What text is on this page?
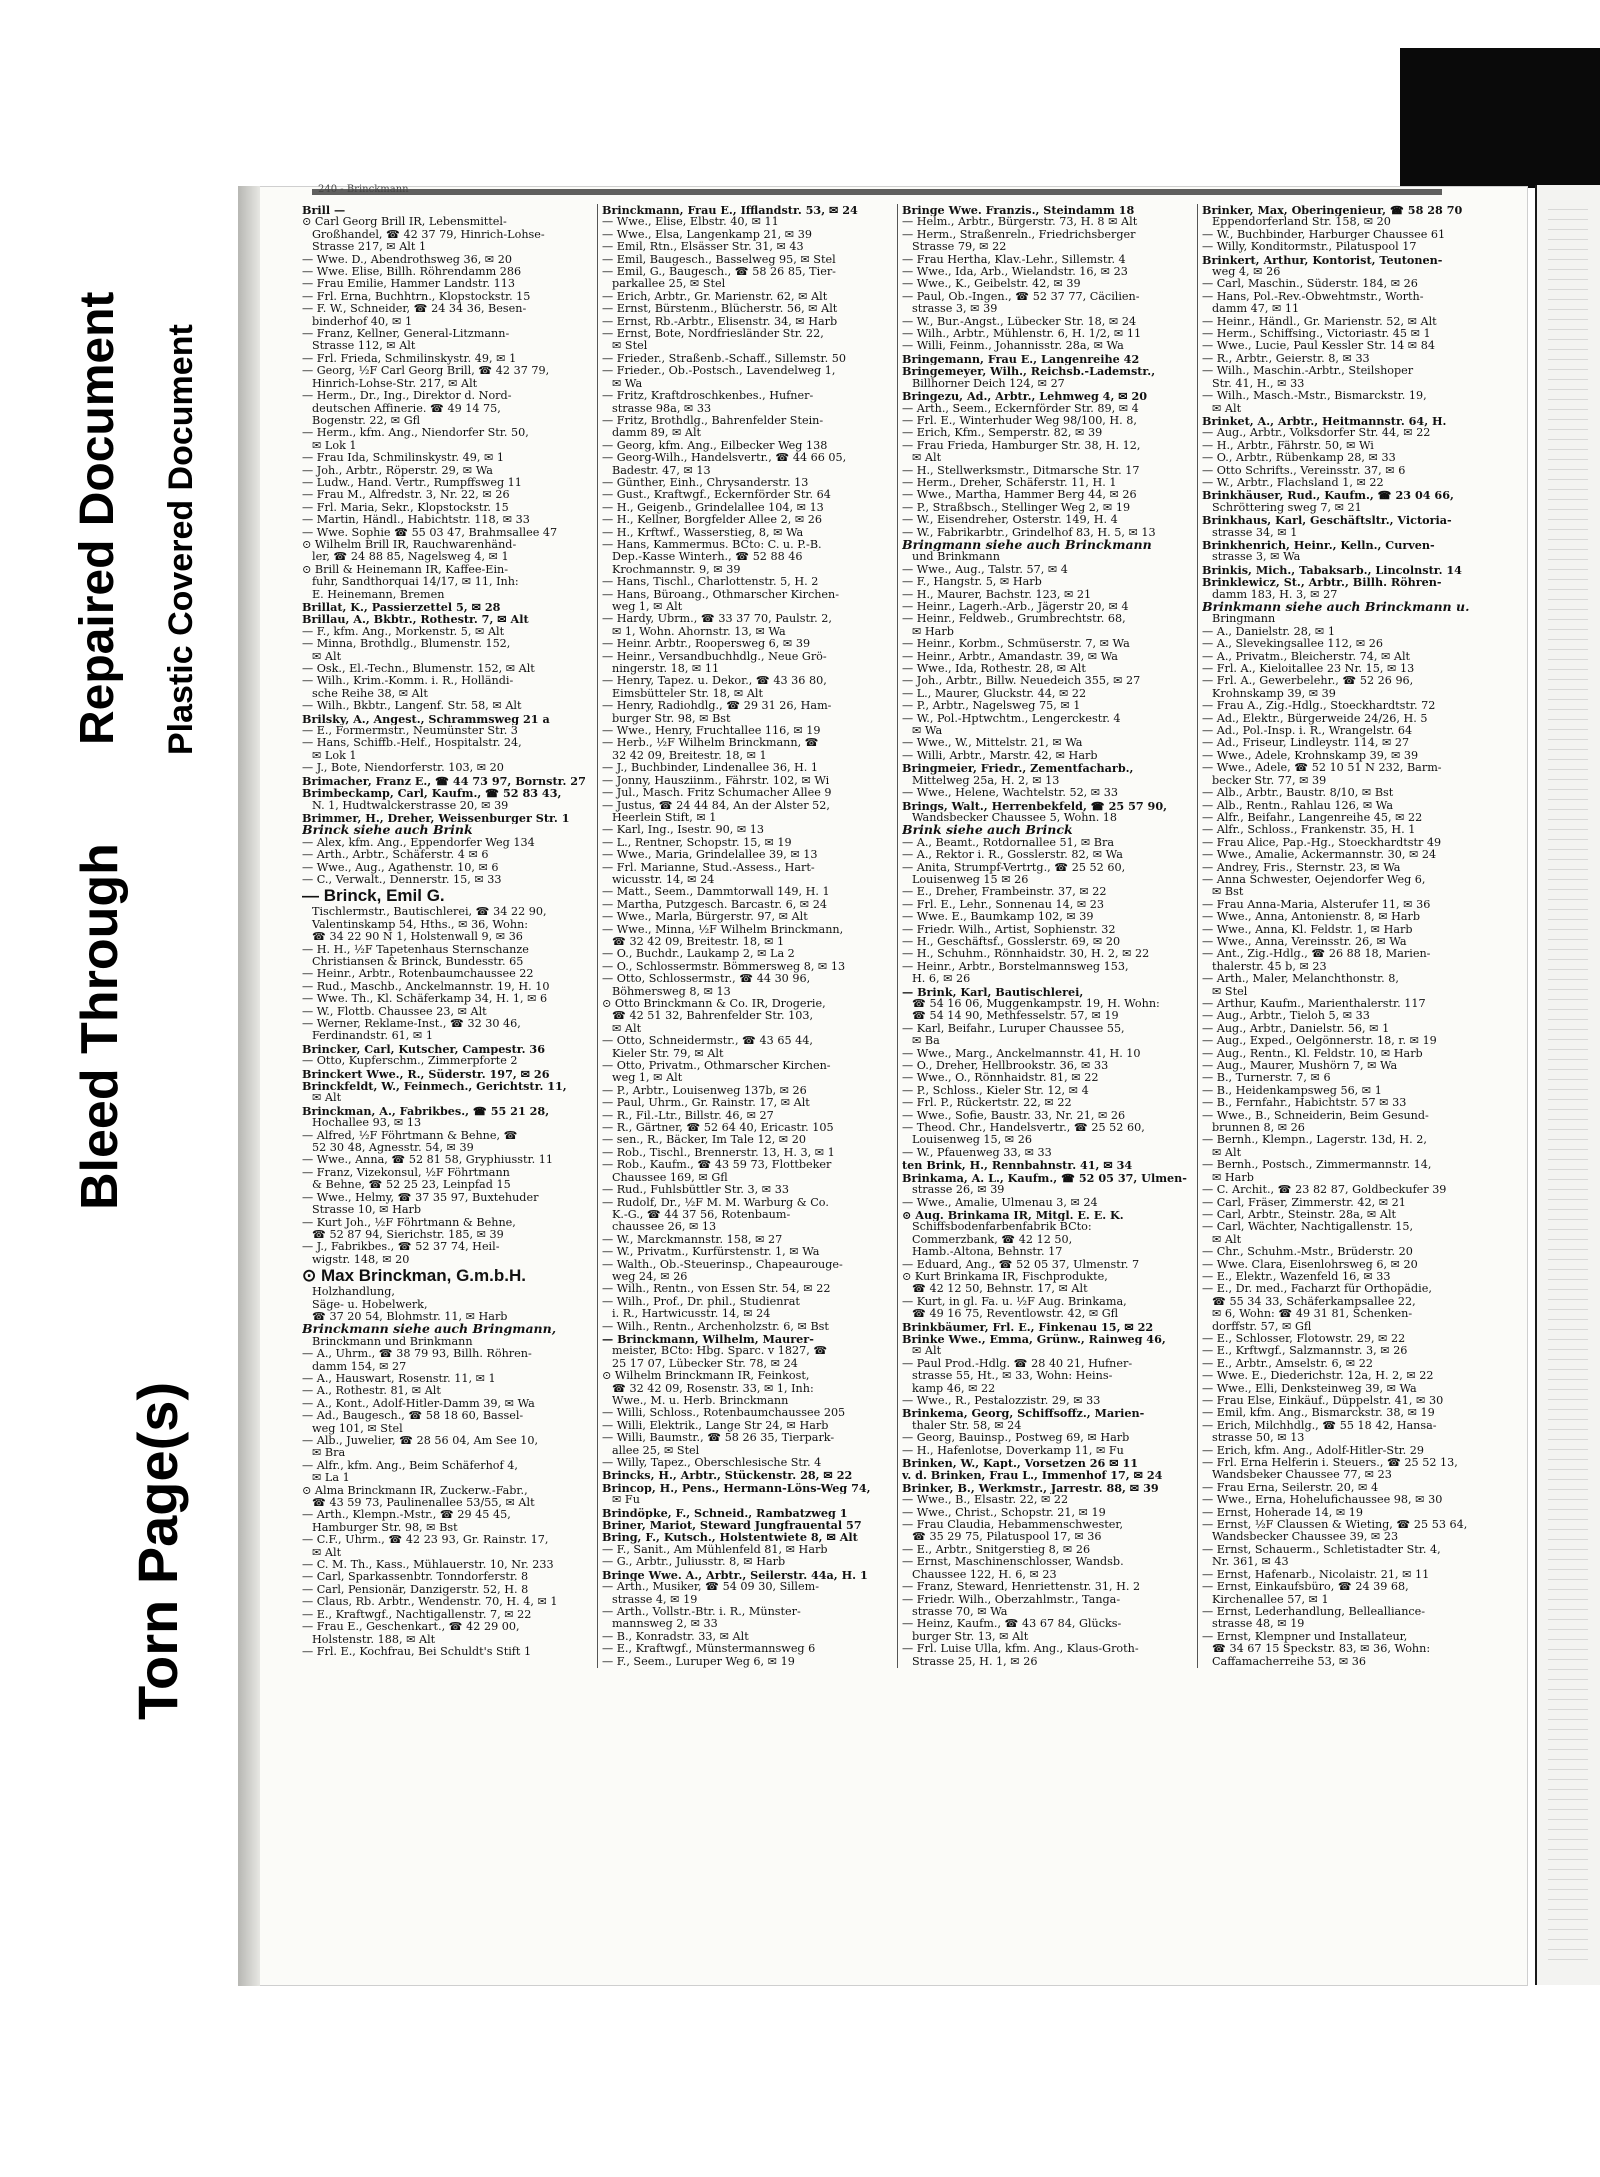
Torn Page(s)
Bleed Through
Repaired Document Plastic Covered Document
240 - Brinckmann
Brill —
⊙ Carl Georg Brill IR, Lebensmittel-
Großhandel, ☎ 42 37 79, Hinrich-Lohse-
Strasse 217, ✉ Alt 1
— Wwe. D., Abendrothsweg 36, ✉ 20
— Wwe. Elise, Billh. Röhrendamm 286
— Frau Emilie, Hammer Landstr. 113
— Frl. Erna, Buchhtrn., Klopstockstr. 15
— F. W., Schneider, ☎ 24 34 36, Besen-
binderhof 40, ✉ 1
— Franz, Kellner, General-Litzmann-
Strasse 112, ✉ Alt
— Frl. Frieda, Schmilinskystr. 49, ✉ 1
— Georg, ½F Carl Georg Brill, ☎ 42 37 79,
Hinrich-Lohse-Str. 217, ✉ Alt
— Herm., Dr., Ing., Direktor d. Nord-
deutschen Affinerie. ☎ 49 14 75,
Bogenstr. 22, ✉ Gfl
— Herm., kfm. Ang., Niendorfer Str. 50,
✉ Lok 1
— Frau Ida, Schmilinskystr. 49, ✉ 1
— Joh., Arbtr., Röperstr. 29, ✉ Wa
— Ludw., Hand. Vertr., Rumpffsweg 11
— Frau M., Alfredstr. 3, Nr. 22, ✉ 26
— Frl. Maria, Sekr., Klopstockstr. 15
— Martin, Händl., Habichtstr. 118, ✉ 33
— Wwe. Sophie ☎ 55 03 47, Brahmsallee 47
⊙ Wilhelm Brill IR, Rauchwarenhänd-
ler, ☎ 24 88 85, Nagelsweg 4, ✉ 1
⊙ Brill & Heinemann IR, Kaffee-Ein-
fuhr, Sandthorquai 14/17, ✉ 11, Inh:
E. Heinemann, Bremen
Brillat, K., Passierzettel 5, ✉ 28
Brillau, A., Bkbtr., Rothestr. 7, ✉ Alt
— F., kfm. Ang., Morkenstr. 5, ✉ Alt
— Minna, Brothdlg., Blumenstr. 152,
✉ Alt
— Osk., El.-Techn., Blumenstr. 152, ✉ Alt
— Wilh., Krim.-Komm. i. R., Holländi-
sche Reihe 38, ✉ Alt
— Wilh., Bkbtr., Langenf. Str. 58, ✉ Alt
Brilsky, A., Angest., Schrammsweg 21 a
— E., Formermstr., Neumünster Str. 3
— Hans, Schiffb.-Helf., Hospitalstr. 24,
✉ Lok 1
— J., Bote, Niendorferstr. 103, ✉ 20
Brimacher, Franz E., ☎ 44 73 97, Bornstr. 27
Brimbeckamp, Carl, Kaufm., ☎ 52 83 43,
N. 1, Hudtwalckerstrasse 20, ✉ 39
Brimmer, H., Dreher, Weissenburger Str. 1
Brinck siehe auch Brink
— Alex, kfm. Ang., Eppendorfer Weg 134
— Arth., Arbtr., Schäferstr. 4 ✉ 6
— Wwe., Aug., Agathenstr. 10, ✉ 6
— C., Verwalt., Dennerstr. 15, ✉ 33
— Brinck, Emil G.
Tischlermstr., Bautischlerei, ☎ 34 22 90,
Valentinskamp 54, Hths., ✉ 36, Wohn:
☎ 34 22 90 N 1, Holstenwall 9, ✉ 36
— H. H., ½F Tapetenhaus Sternschanze
Christiansen & Brinck, Bundesstr. 65
— Heinr., Arbtr., Rotenbaumchaussee 22
— Rud., Maschb., Anckelmannstr. 19, H. 10
— Wwe. Th., Kl. Schäferkamp 34, H. 1, ✉ 6
— W., Flottb. Chaussee 23, ✉ Alt
— Werner, Reklame-Inst., ☎ 32 30 46,
Ferdinandstr. 61, ✉ 1
Brincker, Carl, Kutscher, Campestr. 36
— Otto, Kupferschm., Zimmerpforte 2
Brinckert Wwe., R., Süderstr. 197, ✉ 26
Brinckfeldt, W., Feinmech., Gerichtstr. 11,
✉ Alt
Brinckman, A., Fabrikbes., ☎ 55 21 28,
Hochallee 93, ✉ 13
— Alfred, ½F Föhrtmann & Behne, ☎
52 30 48, Agnesstr. 54, ✉ 39
— Wwe., Anna, ☎ 52 81 58, Gryphiusstr. 11
— Franz, Vizekonsul, ½F Föhrtmann
& Behne, ☎ 52 25 23, Leinpfad 15
— Wwe., Helmy, ☎ 37 35 97, Buxtehuder
Strasse 10, ✉ Harb
— Kurt Joh., ½F Föhrtmann & Behne,
☎ 52 87 94, Sierichstr. 185, ✉ 39
— J., Fabrikbes., ☎ 52 37 74, Heil-
wigstr. 148, ✉ 20
⊙ Max Brinckman, G.m.b.H.
Holzhandlung,
Säge- u. Hobelwerk,
☎ 37 20 54, Blohmstr. 11, ✉ Harb
Brinckmann siehe auch Bringmann,
Brinckmann und Brinkmann
— A., Uhrm., ☎ 38 79 93, Billh. Röhren-
damm 154, ✉ 27
— A., Hauswart, Rosenstr. 11, ✉ 1
— A., Rothestr. 81, ✉ Alt
— A., Kont., Adolf-Hitler-Damm 39, ✉ Wa
— Ad., Baugesch., ☎ 58 18 60, Bassel-
weg 101, ✉ Stel
— Alb., Juwelier, ☎ 28 56 04, Am See 10,
✉ Bra
— Alfr., kfm. Ang., Beim Schäferhof 4,
✉ La 1
⊙ Alma Brinckmann IR, Zuckerw.-Fabr.,
☎ 43 59 73, Paulinenallee 53/55, ✉ Alt
— Arth., Klempn.-Mstr., ☎ 29 45 45,
Hamburger Str. 98, ✉ Bst
— C.F., Uhrm., ☎ 42 23 93, Gr. Rainstr. 17,
✉ Alt
— C. M. Th., Kass., Mühlauerstr. 10, Nr. 233
— Carl, Sparkassenbtr. Tonndorferstr. 8
— Carl, Pensionär, Danzigerstr. 52, H. 8
— Claus, Rb. Arbtr., Wendenstr. 70, H. 4, ✉ 1
— E., Kraftwgf., Nachtigallenstr. 7, ✉ 22
— Frau E., Geschenkart., ☎ 42 29 00,
Holstenstr. 188, ✉ Alt
— Frl. E., Kochfrau, Bei Schuldt's Stift 1
Brinckmann, Frau E., Ifflandstr. 53, ✉ 24
— Wwe., Elise, Elbstr. 40, ✉ 11
— Wwe., Elsa, Langenkamp 21, ✉ 39
— Emil, Rtn., Elsässer Str. 31, ✉ 43
— Emil, Baugesch., Basselweg 95, ✉ Stel
— Emil, G., Baugesch., ☎ 58 26 85, Tier-
parkallee 25, ✉ Stel
— Erich, Arbtr., Gr. Marienstr. 62, ✉ Alt
— Ernst, Bürstenm., Blücherstr. 56, ✉ Alt
— Ernst, Rb.-Arbtr., Elisenstr. 34, ✉ Harb
— Ernst, Bote, Nordfriesländer Str. 22,
✉ Stel
— Frieder., Straßenb.-Schaff., Sillemstr. 50
— Frieder., Ob.-Postsch., Lavendelweg 1,
✉ Wa
— Fritz, Kraftdroschkenbes., Hufner-
strasse 98a, ✉ 33
— Fritz, Brothdlg., Bahrenfelder Stein-
damm 89, ✉ Alt
— Georg, kfm. Ang., Eilbecker Weg 138
— Georg-Wilh., Handelsvertr., ☎ 44 66 05,
Badestr. 47, ✉ 13
— Günther, Einh., Chrysanderstr. 13
— Gust., Kraftwgf., Eckernförder Str. 64
— H., Geigenb., Grindelallee 104, ✉ 13
— H., Kellner, Borgfelder Allee 2, ✉ 26
— H., Krftwf., Wasserstieg, 8, ✉ Wa
— Hans, Kammermus. BCto: C. u. P.-B.
Dep.-Kasse Winterh., ☎ 52 88 46
Krochmannstr. 9, ✉ 39
— Hans, Tischl., Charlottenstr. 5, H. 2
— Hans, Büroang., Othmarscher Kirchen-
weg 1, ✉ Alt
— Hardy, Ubrm., ☎ 33 37 70, Paulstr. 2,
✉ 1, Wohn. Ahornstr. 13, ✉ Wa
— Heinr. Arbtr., Roopersweg 6, ✉ 39
— Heinr., Versandbuchhdlg., Neue Grö-
ningerstr. 18, ✉ 11
— Henry, Tapez. u. Dekor., ☎ 43 36 80,
Eimsbütteler Str. 18, ✉ Alt
— Henry, Radiohdlg., ☎ 29 31 26, Ham-
burger Str. 98, ✉ Bst
— Wwe., Henry, Fruchtallee 116, ✉ 19
— Herb., ½F Wilhelm Brinckmann, ☎
32 42 09, Breitestr. 18, ✉ 1
— J., Buchbinder, Lindenallee 36, H. 1
— Jonny, Hausziinm., Fährstr. 102, ✉ Wi
— Jul., Masch. Fritz Schumacher Allee 9
— Justus, ☎ 24 44 84, An der Alster 52,
Heerlein Stift, ✉ 1
— Karl, Ing., Isestr. 90, ✉ 13
— L., Rentner, Schopstr. 15, ✉ 19
— Wwe., Maria, Grindelallee 39, ✉ 13
— Frl. Marianne, Stud.-Assess., Hart-
wicusstr. 14, ✉ 24
— Matt., Seem., Dammtorwall 149, H. 1
— Martha, Putzgesch. Barcastr. 6, ✉ 24
— Wwe., Marla, Bürgerstr. 97, ✉ Alt
— Wwe., Minna, ½F Wilhelm Brinckmann,
☎ 32 42 09, Breitestr. 18, ✉ 1
— O., Buchdr., Laukamp 2, ✉ La 2
— O., Schlossermstr. Bömmersweg 8, ✉ 13
— Otto, Schlossermstr., ☎ 44 30 96,
Böhmersweg 8, ✉ 13
⊙ Otto Brinckmann & Co. IR, Drogerie,
☎ 42 51 32, Bahrenfelder Str. 103,
✉ Alt
— Otto, Schneidermstr., ☎ 43 65 44,
Kieler Str. 79, ✉ Alt
— Otto, Privatm., Othmarscher Kirchen-
weg 1, ✉ Alt
— P., Arbtr., Louisenweg 137b, ✉ 26
— Paul, Uhrm., Gr. Rainstr. 17, ✉ Alt
— R., Fil.-Ltr., Billstr. 46, ✉ 27
— R., Gärtner, ☎ 52 64 40, Ericastr. 105
— sen., R., Bäcker, Im Tale 12, ✉ 20
— Rob., Tischl., Brennerstr. 13, H. 3, ✉ 1
— Rob., Kaufm., ☎ 43 59 73, Flottbeker
Chaussee 169, ✉ Gfl
— Rud., Fuhlsbüttler Str. 3, ✉ 33
— Rudolf, Dr., ½F M. M. Warburg & Co.
K.-G., ☎ 44 37 56, Rotenbaum-
chaussee 26, ✉ 13
— W., Marckmannstr. 158, ✉ 27
— W., Privatm., Kurfürstenstr. 1, ✉ Wa
— Walth., Ob.-Steuerinsp., Chapeaurouge-
weg 24, ✉ 26
— Wilh., Rentn., von Essen Str. 54, ✉ 22
— Wilh., Prof., Dr. phil., Studienrat
i. R., Hartwicusstr. 14, ✉ 24
— Wilh., Rentn., Archenholzstr. 6, ✉ Bst
— Brinckmann, Wilhelm, Maurer-
meister, BCto: Hbg. Sparc. v 1827, ☎
25 17 07, Lübecker Str. 78, ✉ 24
⊙ Wilhelm Brinckmann IR, Feinkost,
☎ 32 42 09, Rosenstr. 33, ✉ 1, Inh:
Wwe., M. u. Herb. Brinckmann
— Willi, Schloss., Rotenbaumchaussee 205
— Willi, Elektrik., Lange Str 24, ✉ Harb
— Willi, Baumstr., ☎ 58 26 35, Tierpark-
allee 25, ✉ Stel
— Willy, Tapez., Oberschlesische Str. 4
Brincks, H., Arbtr., Stückenstr. 28, ✉ 22
Brincop, H., Pens., Hermann-Löns-Weg 74,
✉ Fu
Brindöpke, F., Schneid., Rambatzweg 1
Briner, Mariot, Steward Jungfrauental 57
Bring, F., Kutsch., Holstentwiete 8, ✉ Alt
— F., Sanit., Am Mühlenfeld 81, ✉ Harb
— G., Arbtr., Juliusstr. 8, ✉ Harb
Bringe Wwe. A., Arbtr., Seilerstr. 44a, H. 1
— Arth., Musiker, ☎ 54 09 30, Sillem-
strasse 4, ✉ 19
— Arth., Vollstr.-Btr. i. R., Münster-
mannsweg 2, ✉ 33
— B., Konradstr. 33, ✉ Alt
— E., Kraftwgf., Münstermannsweg 6
— F., Seem., Luruper Weg 6, ✉ 19
Bringe Wwe. Franzis., Steindamm 18
— Helm., Arbtr., Bürgerstr. 73, H. 8 ✉ Alt
— Herm., Straßenreln., Friedrichsberger
Strasse 79, ✉ 22
— Frau Hertha, Klav.-Lehr., Sillemstr. 4
— Wwe., Ida, Arb., Wielandstr. 16, ✉ 23
— Wwe., K., Geibelstr. 42, ✉ 39
— Paul, Ob.-Ingen., ☎ 52 37 77, Cäcilien-
strasse 3, ✉ 39
— W., Bur.-Angst., Lübecker Str. 18, ✉ 24
— Wilh., Arbtr., Mühlenstr. 6, H. 1/2, ✉ 11
— Willi, Feinm., Johannisstr. 28a, ✉ Wa
Bringemann, Frau E., Langenreihe 42
Bringemeyer, Wilh., Reichsb.-Lademstr.,
Billhorner Deich 124, ✉ 27
Bringezu, Ad., Arbtr., Lehmweg 4, ✉ 20
— Arth., Seem., Eckernförder Str. 89, ✉ 4
— Frl. E., Winterhuder Weg 98/100, H. 8,
— Erich, Kfm., Semperstr. 82, ✉ 39
— Frau Frieda, Hamburger Str. 38, H. 12,
✉ Alt
— H., Stellwerksmstr., Ditmarsche Str. 17
— Herm., Dreher, Schäferstr. 11, H. 1
— Wwe., Martha, Hammer Berg 44, ✉ 26
— P., Straßbsch., Stellinger Weg 2, ✉ 19
— W., Eisendreher, Osterstr. 149, H. 4
— W., Fabrikarbtr., Grindelhof 83, H. 5, ✉ 13
Bringmann siehe auch Brinckmann
und Brinkmann
— Wwe., Aug., Talstr. 57, ✉ 4
— F., Hangstr. 5, ✉ Harb
— H., Maurer, Bachstr. 123, ✉ 21
— Heinr., Lagerh.-Arb., Jägerstr 20, ✉ 4
— Heinr., Feldweb., Grumbrechtstr. 68,
✉ Harb
— Heinr., Korbm., Schmüserstr. 7, ✉ Wa
— Heinr., Arbtr., Amandastr. 39, ✉ Wa
— Wwe., Ida, Rothestr. 28, ✉ Alt
— Joh., Arbtr., Billw. Neuedeich 355, ✉ 27
— L., Maurer, Gluckstr. 44, ✉ 22
— P., Arbtr., Nagelsweg 75, ✉ 1
— W., Pol.-Hptwchtm., Lengerckestr. 4
✉ Wa
— Wwe., W., Mittelstr. 21, ✉ Wa
— Willi, Arbtr., Marstr. 42, ✉ Harb
Bringmeier, Friedr., Zementfacharb.,
Mittelweg 25a, H. 2, ✉ 13
— Wwe., Helene, Wachtelstr. 52, ✉ 33
Brings, Walt., Herrenbekfeld, ☎ 25 57 90,
Wandsbecker Chaussee 5, Wohn. 18
Brink siehe auch Brinck
— A., Beamt., Rotdornallee 51, ✉ Bra
— A., Rektor i. R., Gosslerstr. 82, ✉ Wa
— Anita, Strumpf-Vertrtg., ☎ 25 52 60,
Louisenweg 15 ✉ 26
— E., Dreher, Frambeinstr. 37, ✉ 22
— Frl. E., Lehr., Sonnenau 14, ✉ 23
— Wwe. E., Baumkamp 102, ✉ 39
— Friedr. Wilh., Artist, Sophienstr. 32
— H., Geschäftsf., Gosslerstr. 69, ✉ 20
— H., Schuhm., Rönnhaidstr. 30, H. 2, ✉ 22
— Heinr., Arbtr., Borstelmannsweg 153,
H. 6, ✉ 26
— Brink, Karl, Bautischlerei,
☎ 54 16 06, Muggenkampstr. 19, H. Wohn:
☎ 54 14 90, Methfesselstr. 57, ✉ 19
— Karl, Beifahr., Luruper Chaussee 55,
✉ Ba
— Wwe., Marg., Anckelmannstr. 41, H. 10
— O., Dreher, Hellbrookstr. 36, ✉ 33
— Wwe., O., Rönnhaidstr. 81, ✉ 22
— P., Schloss., Kieler Str. 12, ✉ 4
— Frl. P., Rückertstr. 22, ✉ 22
— Wwe., Sofie, Baustr. 33, Nr. 21, ✉ 26
— Theod. Chr., Handelsvertr., ☎ 25 52 60,
Louisenweg 15, ✉ 26
— W., Pfauenweg 33, ✉ 33
ten Brink, H., Rennbahnstr. 41, ✉ 34
Brinkama, A. L., Kaufm., ☎ 52 05 37, Ulmen-
strasse 26, ✉ 39
— Wwe., Amalie, Ulmenau 3, ✉ 24
⊙ Aug. Brinkama IR, Mitgl. E. E. K.
Schiffsbodenfarbenfabrik BCto:
Commerzbank, ☎ 42 12 50,
Hamb.-Altona, Behnstr. 17
— Eduard, Ang., ☎ 52 05 37, Ulmenstr. 7
⊙ Kurt Brinkama IR, Fischprodukte,
☎ 42 12 50, Behnstr. 17, ✉ Alt
— Kurt, in gl. Fa. u. ½F Aug. Brinkama,
☎ 49 16 75, Reventlowstr. 42, ✉ Gfl
Brinkbäumer, Frl. E., Finkenau 15, ✉ 22
Brinke Wwe., Emma, Grünw., Rainweg 46,
✉ Alt
— Paul Prod.-Hdlg. ☎ 28 40 21, Hufner-
strasse 55, Ht., ✉ 33, Wohn: Heins-
kamp 46, ✉ 22
— Wwe., R., Pestalozzistr. 29, ✉ 33
Brinkema, Georg, Schiffsoffz., Marien-
thaler Str. 58, ✉ 24
— Georg, Bauinsp., Postweg 69, ✉ Harb
— H., Hafenlotse, Doverkamp 11, ✉ Fu
Brinken, W., Kapt., Vorsetzen 26 ✉ 11
v. d. Brinken, Frau L., Immenhof 17, ✉ 24
Brinker, B., Werkmstr., Jarrestr. 88, ✉ 39
— Wwe., B., Elsastr. 22, ✉ 22
— Wwe., Christ., Schopstr. 21, ✉ 19
— Frau Claudia, Hebammenschwester,
☎ 35 29 75, Pilatuspool 17, ✉ 36
— E., Arbtr., Snitgerstieg 8, ✉ 26
— Ernst, Maschinenschlosser, Wandsb.
Chaussee 122, H. 6, ✉ 23
— Franz, Steward, Henriettenstr. 31, H. 2
— Friedr. Wilh., Oberzahlmstr., Tanga-
strasse 70, ✉ Wa
— Heinz, Kaufm., ☎ 43 67 84, Glücks-
burger Str. 13, ✉ Alt
— Frl. Luise Ulla, kfm. Ang., Klaus-Groth-
Strasse 25, H. 1, ✉ 26
Brinker, Max, Oberingenieur, ☎ 58 28 70
Eppendorferland Str. 158, ✉ 20
— W., Buchbinder, Harburger Chaussee 61
— Willy, Konditormstr., Pilatuspool 17
Brinkert, Arthur, Kontorist, Teutonen-
weg 4, ✉ 26
— Carl, Maschin., Süderstr. 184, ✉ 26
— Hans, Pol.-Rev.-Obwehtmstr., Worth-
damm 47, ✉ 11
— Heinr., Händl., Gr. Marienstr. 52, ✉ Alt
— Herm., Schiffsing., Victoriastr. 45 ✉ 1
— Wwe., Lucie, Paul Kessler Str. 14 ✉ 84
— R., Arbtr., Geierstr. 8, ✉ 33
— Wilh., Maschin.-Arbtr., Steilshoper
Str. 41, H., ✉ 33
— Wilh., Masch.-Mstr., Bismarckstr. 19,
✉ Alt
Brinket, A., Arbtr., Heitmannstr. 64, H.
— Aug., Arbtr., Volksdorfer Str. 44, ✉ 22
— H., Arbtr., Fährstr. 50, ✉ Wi
— O., Arbtr., Rübenkamp 28, ✉ 33
— Otto Schrifts., Vereinsstr. 37, ✉ 6
— W., Arbtr., Flachsland 1, ✉ 22
Brinkhäuser, Rud., Kaufm., ☎ 23 04 66,
Schröttering sweg 7, ✉ 21
Brinkhaus, Karl, Geschäftsltr., Victoria-
strasse 34, ✉ 1
Brinkhenrich, Heinr., Kelln., Curven-
strasse 3, ✉ Wa
Brinkis, Mich., Tabaksarb., Lincolnstr. 14
Brinklewicz, St., Arbtr., Billh. Röhren-
damm 183, H. 3, ✉ 27
Brinkmann siehe auch Brinckmann u.
Bringmann
— A., Danielstr. 28, ✉ 1
— A., Slevekingsallee 112, ✉ 26
— A., Privatm., Bleicherstr. 74, ✉ Alt
— Frl. A., Kieloitallee 23 Nr. 15, ✉ 13
— Frl. A., Gewerbelehr., ☎ 52 26 96,
Krohnskamp 39, ✉ 39
— Frau A., Zig.-Hdlg., Stoeckhardtstr. 72
— Ad., Elektr., Bürgerweide 24/26, H. 5
— Ad., Pol.-Insp. i. R., Wrangelstr. 64
— Ad., Friseur, Lindleystr. 114, ✉ 27
— Wwe., Adele, Krohnskamp 39, ✉ 39
— Wwe., Adele, ☎ 52 10 51 N 232, Barm-
becker Str. 77, ✉ 39
— Alb., Arbtr., Baustr. 8/10, ✉ Bst
— Alb., Rentn., Rahlau 126, ✉ Wa
— Alfr., Beifahr., Langenreihe 45, ✉ 22
— Alfr., Schloss., Frankenstr. 35, H. 1
— Frau Alice, Pap.-Hg., Stoeckhardtstr 49
— Wwe., Amalie, Ackermannstr. 30, ✉ 24
— Andrey, Fris., Sternstr. 23, ✉ Wa
— Anna Schwester, Oejendorfer Weg 6,
✉ Bst
— Frau Anna-Maria, Alsterufer 11, ✉ 36
— Wwe., Anna, Antonienstr. 8, ✉ Harb
— Wwe., Anna, Kl. Feldstr. 1, ✉ Harb
— Wwe., Anna, Vereinsstr. 26, ✉ Wa
— Ant., Zig.-Hdlg., ☎ 26 88 18, Marien-
thalerstr. 45 b, ✉ 23
— Arth., Maler, Melanchthonstr. 8,
✉ Stel
— Arthur, Kaufm., Marienthalerstr. 117
— Aug., Arbtr., Tieloh 5, ✉ 33
— Aug., Arbtr., Danielstr. 56, ✉ 1
— Aug., Exped., Oelgönnerstr. 18, r. ✉ 19
— Aug., Rentn., Kl. Feldstr. 10, ✉ Harb
— Aug., Maurer, Mushörn 7, ✉ Wa
— B., Turnerstr. 7, ✉ 6
— B., Heidenkampsweg 56, ✉ 1
— B., Fernfahr., Habichtstr. 57 ✉ 33
— Wwe., B., Schneiderin, Beim Gesund-
brunnen 8, ✉ 26
— Bernh., Klempn., Lagerstr. 13d, H. 2,
✉ Alt
— Bernh., Postsch., Zimmermannstr. 14,
✉ Harb
— C. Archit., ☎ 23 82 87, Goldbeckufer 39
— Carl, Fräser, Zimmerstr. 42, ✉ 21
— Carl, Arbtr., Steinstr. 28a, ✉ Alt
— Carl, Wächter, Nachtigallenstr. 15,
✉ Alt
— Chr., Schuhm.-Mstr., Brüderstr. 20
— Wwe. Clara, Eisenlohrsweg 6, ✉ 20
— E., Elektr., Wazenfeld 16, ✉ 33
— E., Dr. med., Facharzt für Orthopädie,
☎ 55 34 33, Schäferkampsallee 22,
✉ 6, Wohn: ☎ 49 31 81, Schenken-
dorffstr. 57, ✉ Gfl
— E., Schlosser, Flotowstr. 29, ✉ 22
— E., Krftwgf., Salzmannstr. 3, ✉ 26
— E., Arbtr., Amselstr. 6, ✉ 22
— Wwe. E., Diederichstr. 12a, H. 2, ✉ 22
— Wwe., Elli, Denksteinweg 39, ✉ Wa
— Frau Else, Einkäuf., Düppelstr. 41, ✉ 30
— Emil, kfm. Ang., Bismarckstr. 38, ✉ 19
— Erich, Milchhdlg., ☎ 55 18 42, Hansa-
strasse 50, ✉ 13
— Erich, kfm. Ang., Adolf-Hitler-Str. 29
— Frl. Erna Helferin i. Steuers., ☎ 25 52 13,
Wandsbeker Chaussee 77, ✉ 23
— Frau Erna, Seilerstr. 20, ✉ 4
— Wwe., Erna, Hohelufichaussee 98, ✉ 30
— Ernst, Hoherade 14, ✉ 19
— Ernst, ½F Claussen & Wieting, ☎ 25 53 64,
Wandsbecker Chaussee 39, ✉ 23
— Ernst, Schauerm., Schletistadter Str. 4,
Nr. 361, ✉ 43
— Ernst, Hafenarb., Nicolaistr. 21, ✉ 11
— Ernst, Einkaufsbüro, ☎ 24 39 68,
Kirchenallee 57, ✉ 1
— Ernst, Lederhandlung, Bellealliance-
strasse 48, ✉ 19
— Ernst, Klempner und Installateur,
☎ 34 67 15 Speckstr. 83, ✉ 36, Wohn:
Caffamacherreihe 53, ✉ 36
